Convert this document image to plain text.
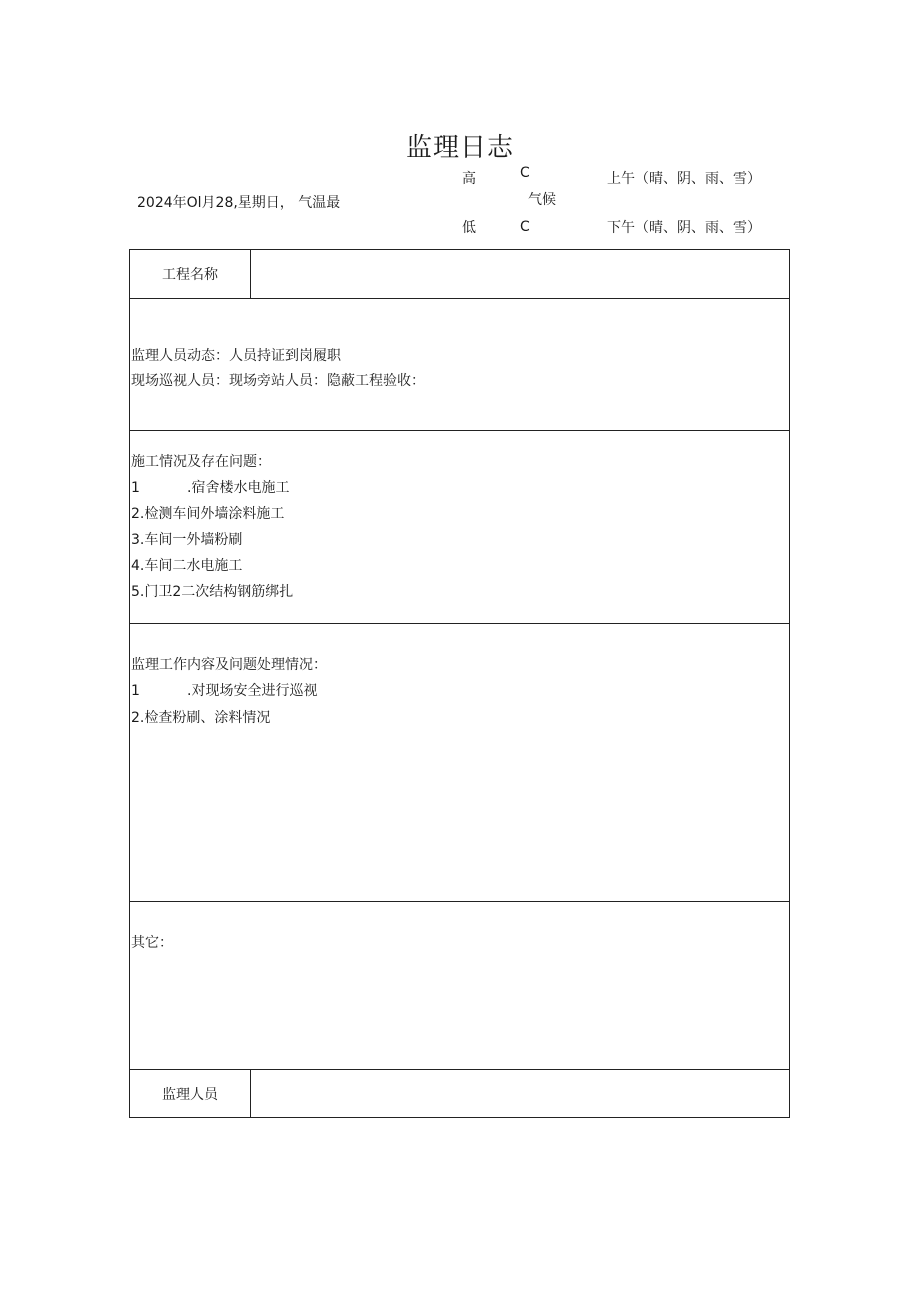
监理日志
2024年Ol月28,星期日， 气温最
高	C
低	C
气候
上午（晴、阴、雨、雪）
下午（晴、阴、雨、雪）
工程名称
监理人员动态：人员持证到岗履职
现场巡视人员：现场旁站人员：隐蔽工程验收：
施工情况及存在问题：
1	.宿舍楼水电施工
2.检测车间外墙涂料施工
3.车间一外墙粉刷
4.车间二水电施工
5.门卫2二次结构钢筋绑扎
监理工作内容及问题处理情况：
1	.对现场安全进行巡视
2.检查粉刷、涂料情况
其它：
监理人员
